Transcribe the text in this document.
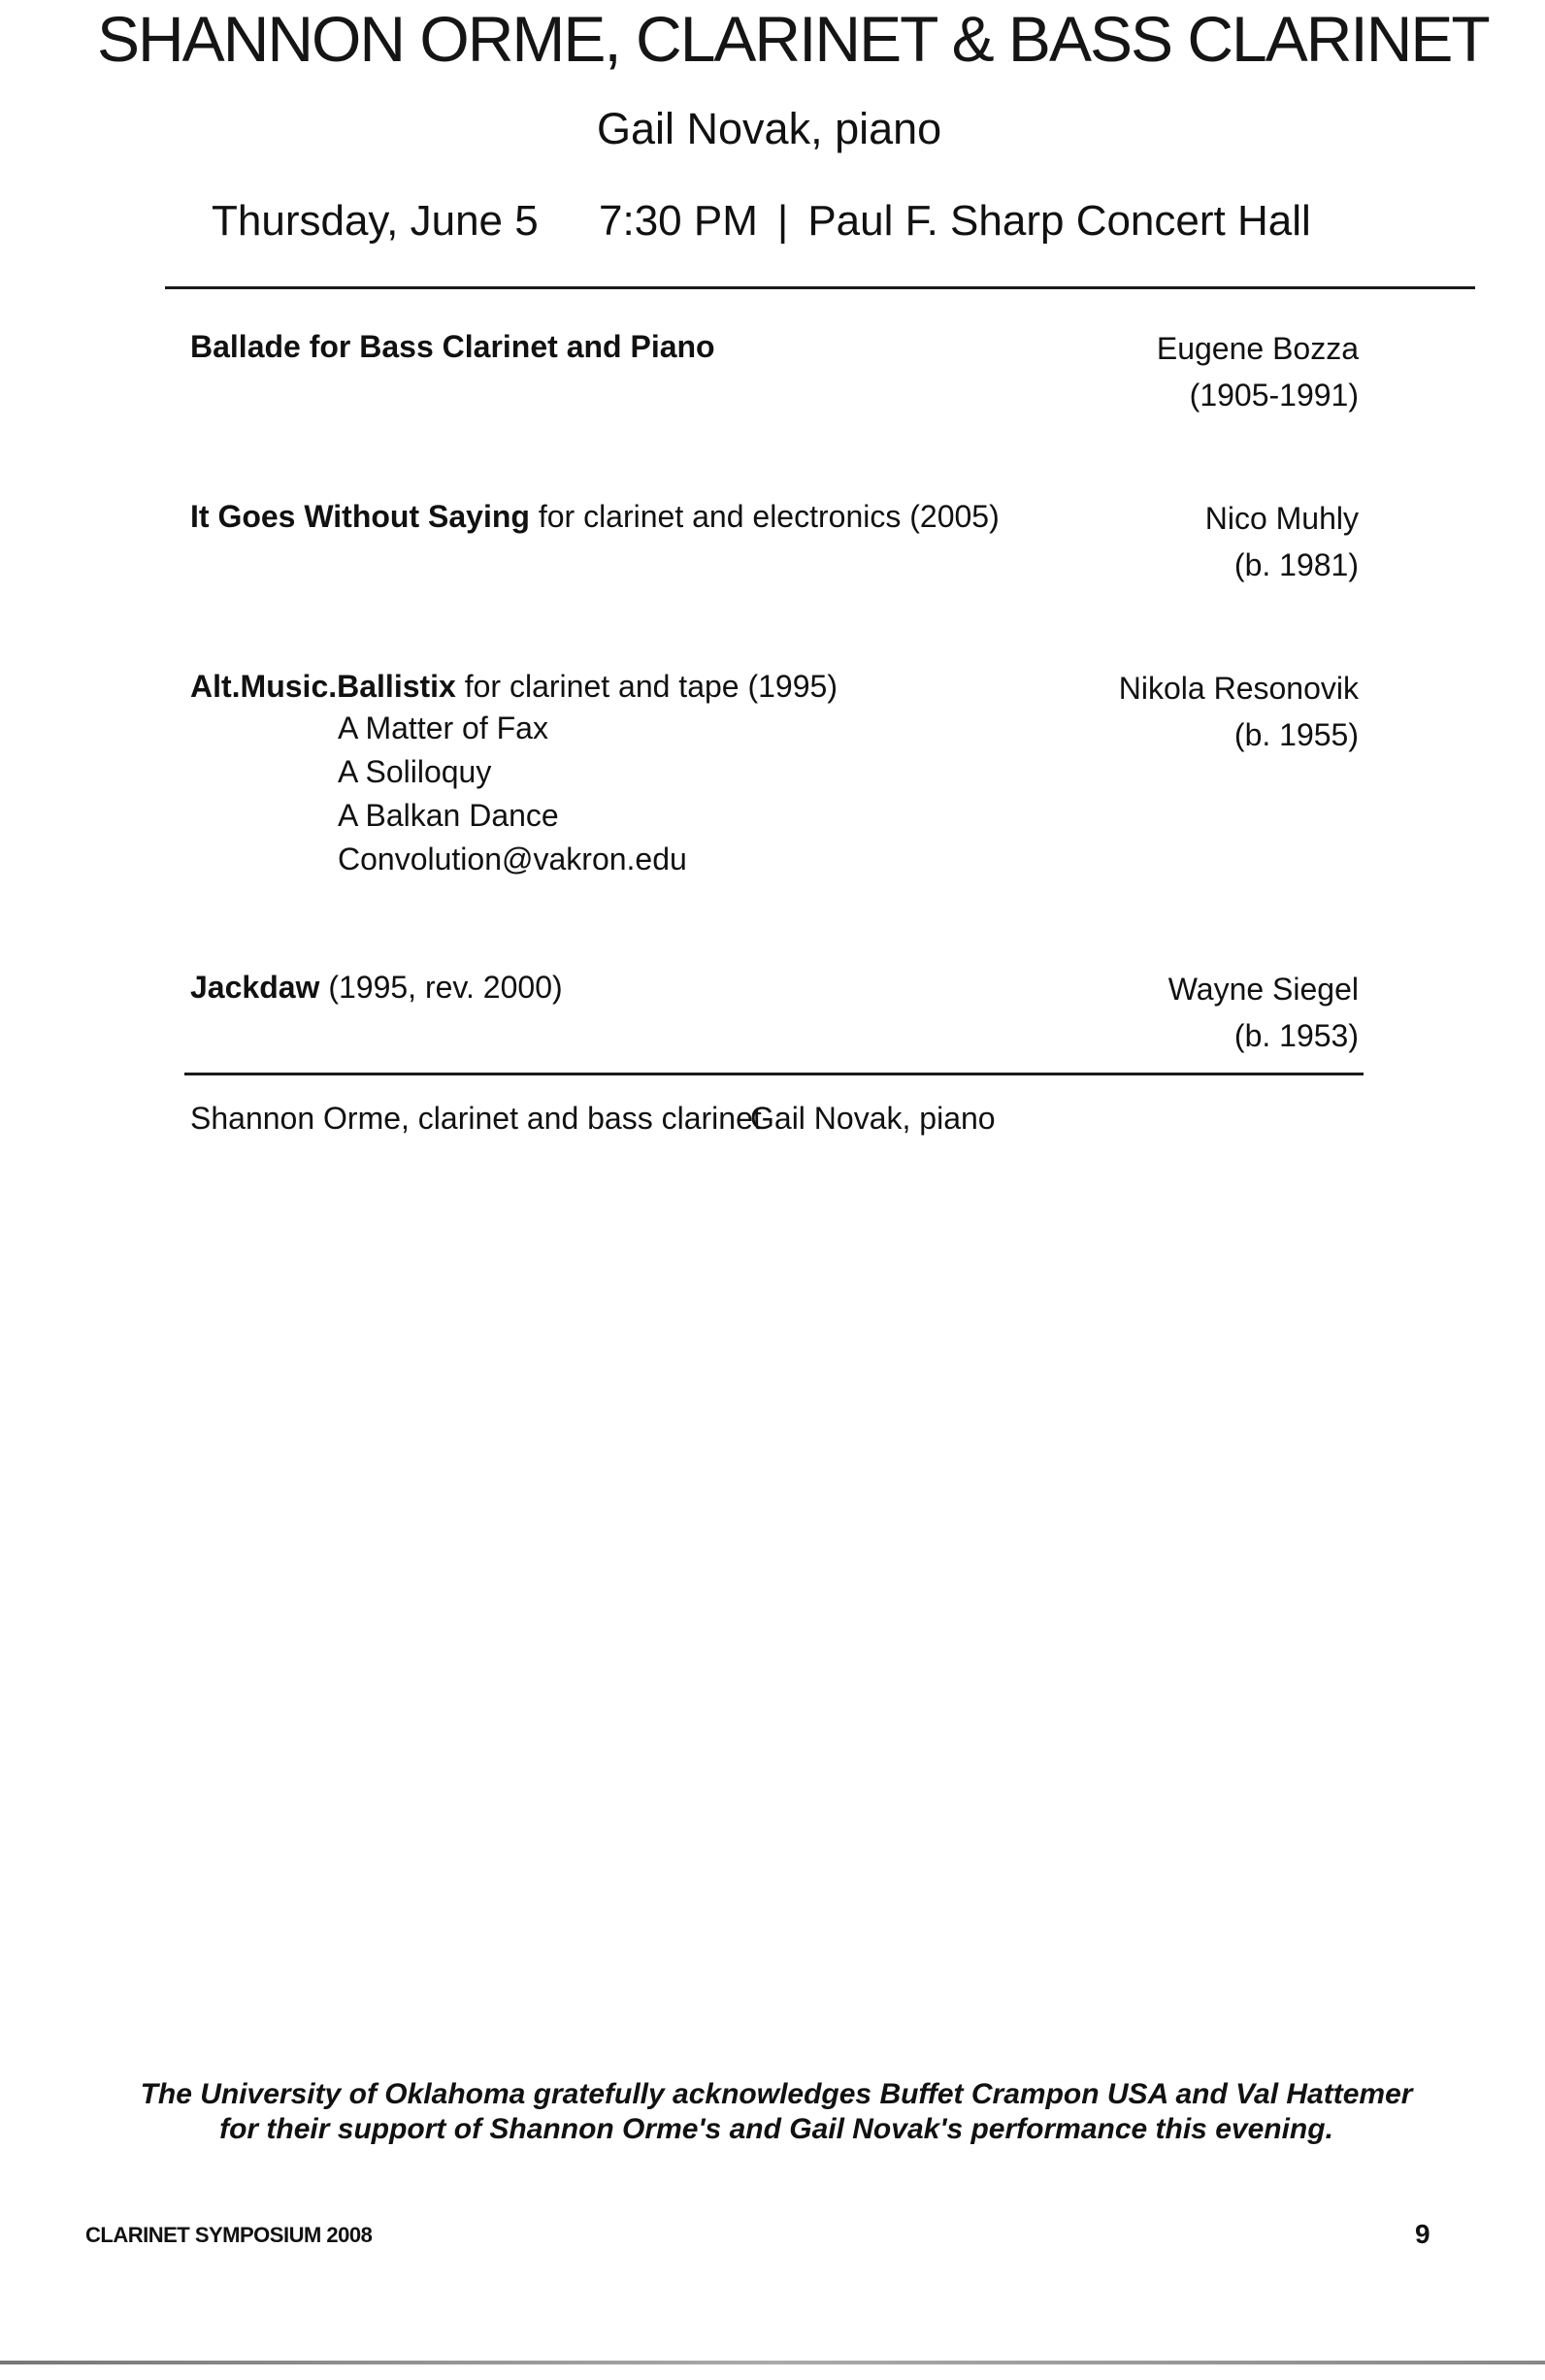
SHANNON ORME, CLARINET & BASS CLARINET
Gail Novak, piano
Thursday, June 5 7:30 PM | Paul F. Sharp Concert Hall
Ballade for Bass Clarinet and Piano	Eugene Bozza
(1905-1991)
It Goes Without Saying for clarinet and electronics (2005)	Nico Muhly
(b. 1981)
Alt.Music.Ballistix for clarinet and tape (1995)	Nikola Resonovik
(b. 1955)
A Matter of Fax
A Soliloquy
A Balkan Dance
Convolution@vakron.edu
Jackdaw (1995, rev. 2000)	Wayne Siegel
(b. 1953)
Shannon Orme, clarinet and bass clarinet
Gail Novak, piano
The University of Oklahoma gratefully acknowledges Buffet Crampon USA and Val Hattemer
for their support of Shannon Orme's and Gail Novak's performance this evening.
CLARINET SYMPOSIUM 2008	9
